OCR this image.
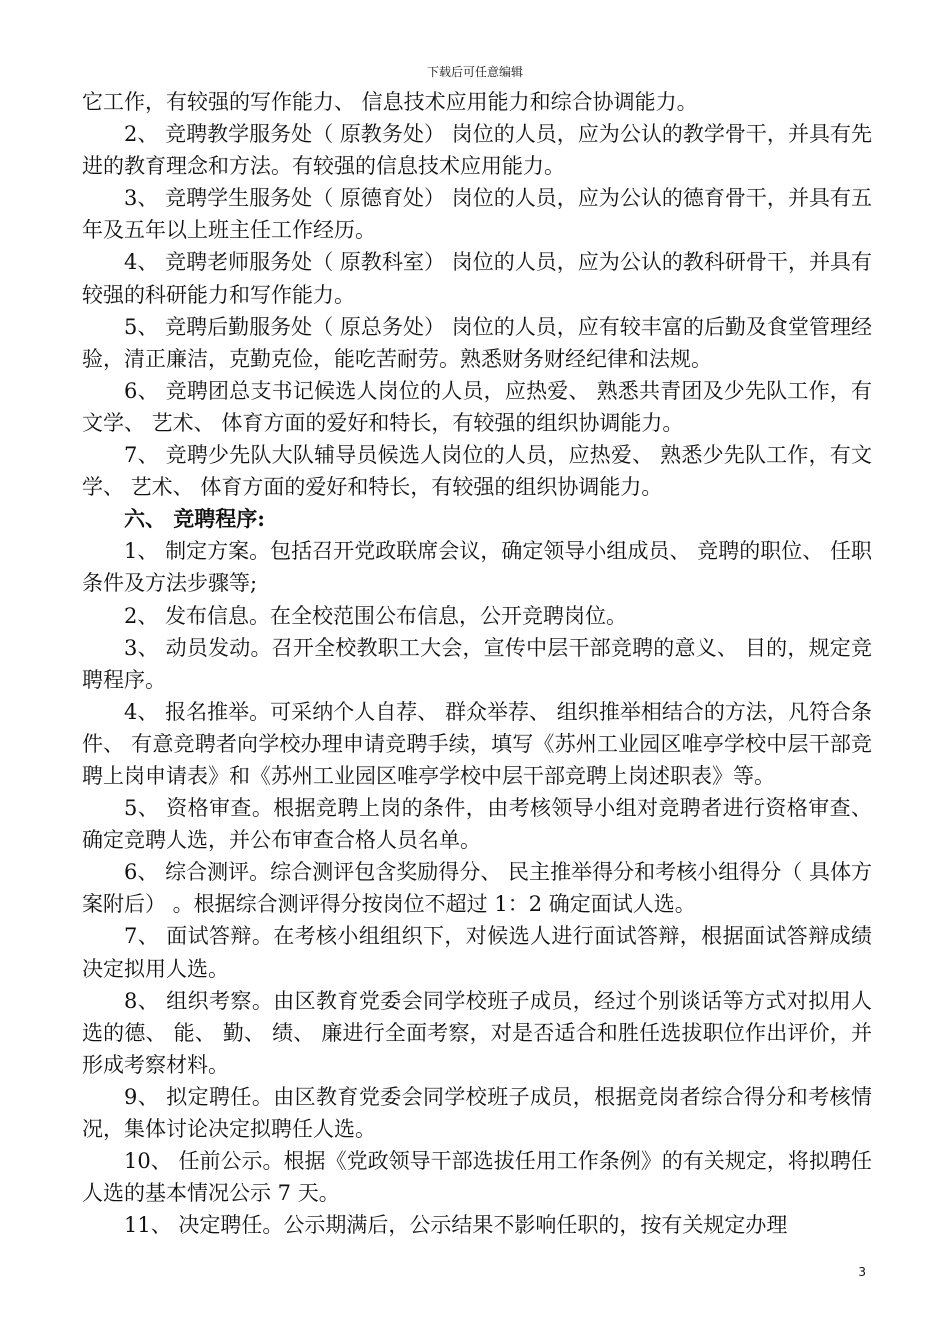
下载后可任意编辑

它工作，有较强的写作能力、 信息技术应用能力和综合协调能力。

2、 竞聘教学服务处（ 原教务处） 岗位的人员，应为公认的教学骨干，并具有先进的教育理念和方法。有较强的信息技术应用能力。

3、 竞聘学生服务处（ 原德育处） 岗位的人员，应为公认的德育骨干，并具有五年及五年以上班主任工作经历。

4、 竞聘老师服务处（ 原教科室） 岗位的人员，应为公认的教科研骨干，并具有较强的科研能力和写作能力。

5、 竞聘后勤服务处（ 原总务处） 岗位的人员，应有较丰富的后勤及食堂管理经验，清正廉洁，克勤克俭，能吃苦耐劳。熟悉财务财经纪律和法规。

6、 竞聘团总支书记候选人岗位的人员，应热爱、 熟悉共青团及少先队工作，有文学、 艺术、 体育方面的爱好和特长，有较强的组织协调能力。

7、 竞聘少先队大队辅导员候选人岗位的人员，应热爱、 熟悉少先队工作，有文学、 艺术、 体育方面的爱好和特长，有较强的组织协调能力。

六、 竞聘程序:

1、 制定方案。包括召开党政联席会议，确定领导小组成员、 竞聘的职位、 任职条件及方法步骤等;

2、 发布信息。在全校范围公布信息，公开竞聘岗位。

3、 动员发动。召开全校教职工大会，宣传中层干部竞聘的意义、 目的，规定竞聘程序。

4、 报名推举。可采纳个人自荐、 群众举荐、 组织推举相结合的方法，凡符合条件、 有意竞聘者向学校办理申请竞聘手续，填写《苏州工业园区唯亭学校中层干部竞聘上岗申请表》和《苏州工业园区唯亭学校中层干部竞聘上岗述职表》等。

5、 资格审查。根据竞聘上岗的条件，由考核领导小组对竞聘者进行资格审查、 确定竞聘人选，并公布审查合格人员名单。

6、 综合测评。综合测评包含奖励得分、 民主推举得分和考核小组得分（ 具体方案附后） 。根据综合测评得分按岗位不超过 1：2 确定面试人选。

7、 面试答辩。在考核小组组织下，对候选人进行面试答辩，根据面试答辩成绩决定拟用人选。

8、 组织考察。由区教育党委会同学校班子成员，经过个别谈话等方式对拟用人选的德、 能、 勤、 绩、 廉进行全面考察，对是否适合和胜任选拔职位作出评价，并形成考察材料。

9、 拟定聘任。由区教育党委会同学校班子成员，根据竞岗者综合得分和考核情况，集体讨论决定拟聘任人选。

10、 任前公示。根据《党政领导干部选拔任用工作条例》的有关规定，将拟聘任人选的基本情况公示 7 天。

11、 决定聘任。公示期满后，公示结果不影响任职的，按有关规定办理

3
